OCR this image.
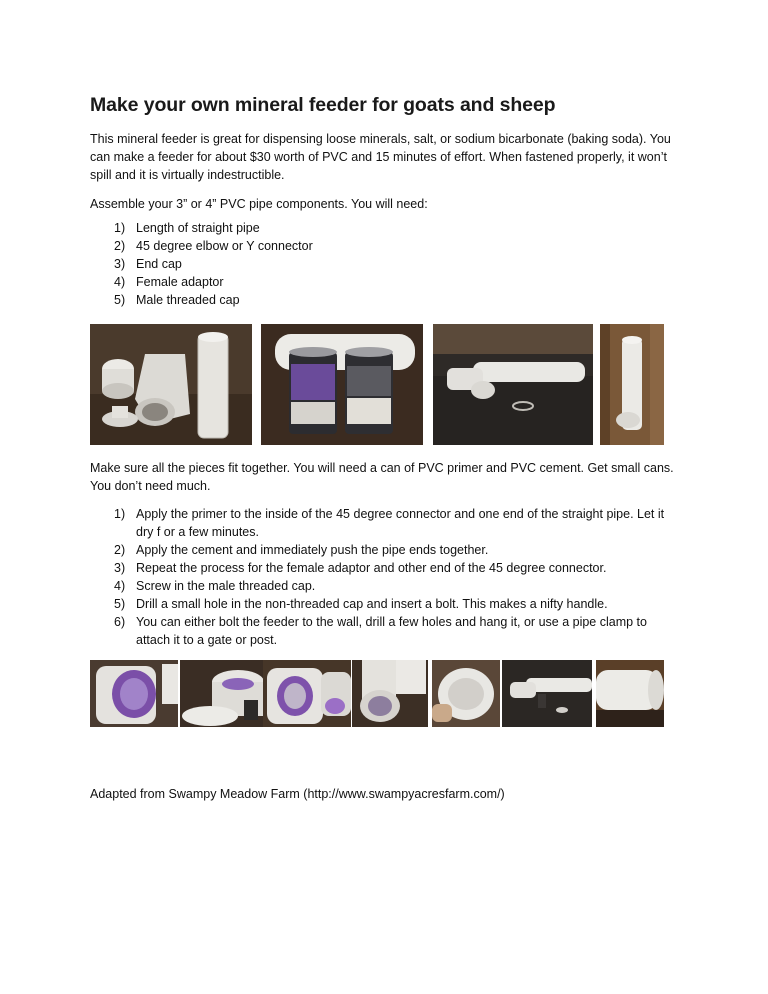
Make your own mineral feeder for goats and sheep

This mineral feeder is great for dispensing loose minerals, salt, or sodium bicarbonate (baking soda). You can make a feeder for about $30 worth of PVC and 15 minutes of effort. When fastened properly, it won’t spill and it is virtually indestructible.

Assemble your 3” or 4” PVC pipe components. You will need:

1) Length of straight pipe
2) 45 degree elbow or Y connector
3) End cap
4) Female adaptor
5) Male threaded cap

Make sure all the pieces fit together. You will need a can of PVC primer and PVC cement. Get small cans. You don’t need much.

1) Apply the primer to the inside of the 45 degree connector and one end of the straight pipe. Let it dry f or a few minutes.
2) Apply the cement and immediately push the pipe ends together.
3) Repeat the process for the female adaptor and other end of the 45 degree connector.
4) Screw in the male threaded cap.
5) Drill a small hole in the non-threaded cap and insert a bolt. This makes a nifty handle.
6) You can either bolt the feeder to the wall, drill a few holes and hang it, or use a pipe clamp to attach it to a gate or post.
Adapted from Swampy Meadow Farm (http://www.swampyacresfarm.com/)
